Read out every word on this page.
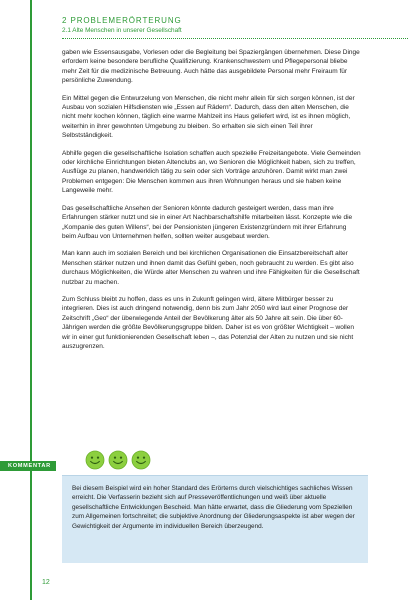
2 PROBLEMERÖRTERUNG
2.1 Alte Menschen in unserer Gesellschaft

gaben wie Essensausgabe, Vorlesen oder die Begleitung bei Spaziergängen übernehmen. Diese Dinge erfordern keine besondere berufliche Qualifizierung. Krankenschwestern und Pflegepersonal bliebe mehr Zeit für die medizinische Betreuung. Auch hätte das ausgebildete Personal mehr Freiraum für persönliche Zuwendung.

Ein Mittel gegen die Entwurzelung von Menschen, die nicht mehr allein für sich sorgen können, ist der Ausbau von sozialen Hilfsdiensten wie „Essen auf Rädern“. Dadurch, dass den alten Menschen, die nicht mehr kochen können, täglich eine warme Mahlzeit ins Haus geliefert wird, ist es ihnen möglich, weiterhin in ihrer gewohnten Umgebung zu bleiben. So erhalten sie sich einen Teil ihrer Selbstständigkeit.

Abhilfe gegen die gesellschaftliche Isolation schaffen auch spezielle Freizeitangebote. Viele Gemeinden oder kirchliche Einrichtungen bieten Altenclubs an, wo Senioren die Möglichkeit haben, sich zu treffen, Ausflüge zu planen, handwerklich tätig zu sein oder sich Vorträge anzuhören. Damit wirkt man zwei Problemen entgegen: Die Menschen kommen aus ihren Wohnungen heraus und sie haben keine Langeweile mehr.

Das gesellschaftliche Ansehen der Senioren könnte dadurch gesteigert werden, dass man ihre Erfahrungen stärker nutzt und sie in einer Art Nachbarschaftshilfe mitarbeiten lässt. Konzepte wie die „Kompanie des guten Willens“, bei der Pensionisten jüngeren Existenzgründern mit ihrer Erfahrung beim Aufbau von Unternehmen helfen, sollten weiter ausgebaut werden.

Man kann auch im sozialen Bereich und bei kirchlichen Organisationen die Einsatzbereitschaft alter Menschen stärker nutzen und ihnen damit das Gefühl geben, noch gebraucht zu werden. Es gibt also durchaus Möglichkeiten, die Würde alter Menschen zu wahren und ihre Fähigkeiten für die Gesellschaft nutzbar zu machen.

Zum Schluss bleibt zu hoffen, dass es uns in Zukunft gelingen wird, ältere Mitbürger besser zu integrieren. Dies ist auch dringend notwendig, denn bis zum Jahr 2050 wird laut einer Prognose der Zeitschrift „Geo“ der überwiegende Anteil der Bevölkerung älter als 50 Jahre alt sein. Die über 60-Jährigen werden die größte Bevölkerungsgruppe bilden. Daher ist es von größter Wichtigkeit – wollen wir in einer gut funktionierenden Gesellschaft leben –, das Potenzial der Alten zu nutzen und sie nicht auszugrenzen.

KOMMENTAR

Bei diesem Beispiel wird ein hoher Standard des Erörterns durch vielschichtiges sachliches Wissen erreicht. Die Verfasserin bezieht sich auf Presseveröffentlichungen und weiß über aktuelle gesellschaftliche Entwicklungen Bescheid. Man hätte erwartet, dass die Gliederung vom Speziellen zum Allgemeinen fortschreitet; die subjektive Anordnung der Gliederungsaspekte ist aber wegen der Gewichtigkeit der Argumente im individuellen Bereich überzeugend.

12
